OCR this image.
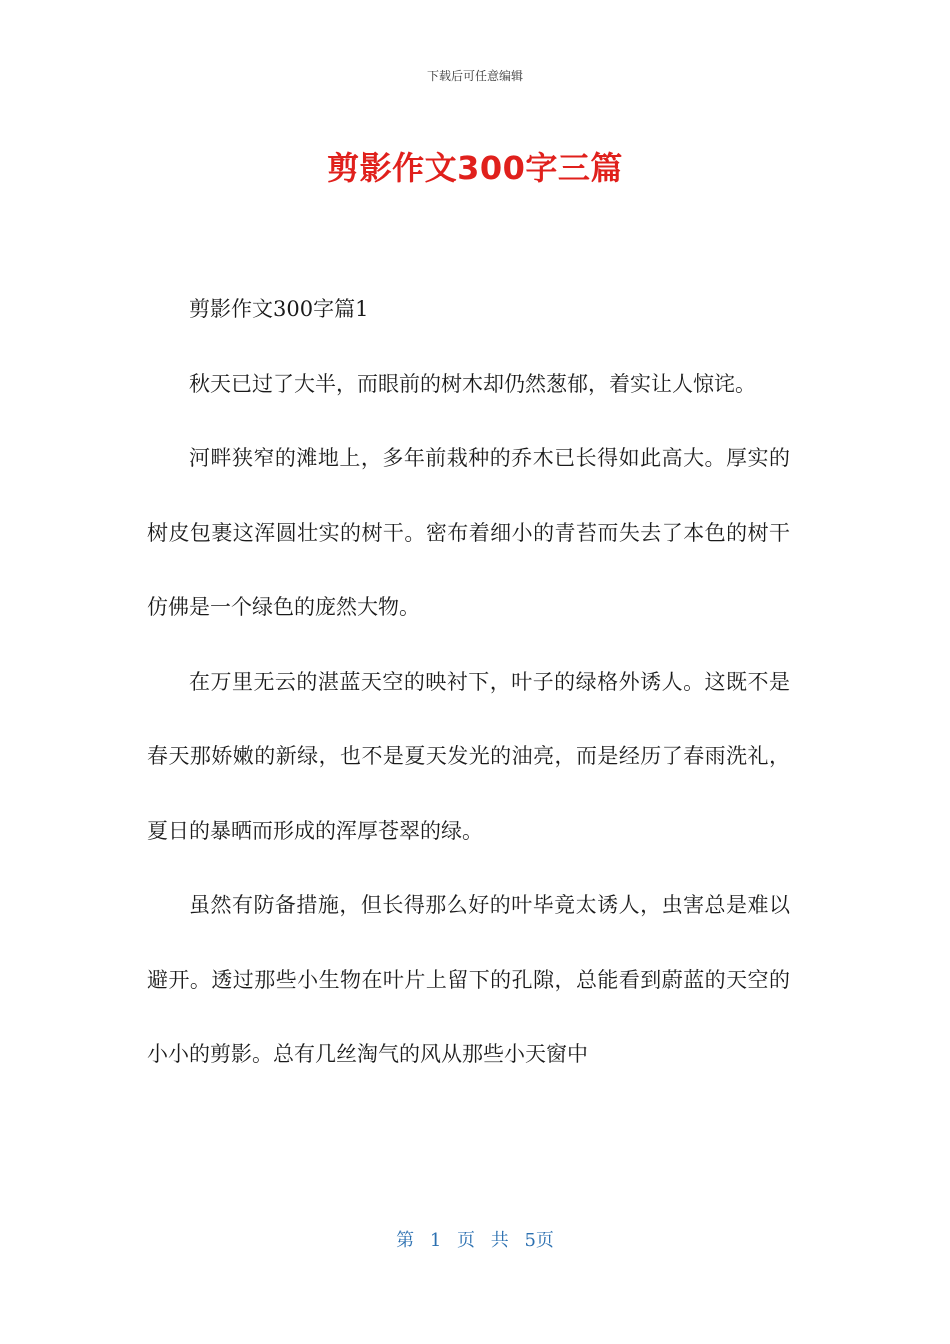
下载后可任意编辑
剪影作文300字三篇

剪影作文300字篇1

秋天已过了大半，而眼前的树木却仍然葱郁，着实让人惊诧。

河畔狭窄的滩地上，多年前栽种的乔木已长得如此高大。厚实的树皮包裹这浑圆壮实的树干。密布着细小的青苔而失去了本色的树干仿佛是一个绿色的庞然大物。

在万里无云的湛蓝天空的映衬下，叶子的绿格外诱人。这既不是春天那娇嫩的新绿，也不是夏天发光的油亮，而是经历了春雨洗礼，夏日的暴晒而形成的浑厚苍翠的绿。

虽然有防备措施，但长得那么好的叶毕竟太诱人，虫害总是难以避开。透过那些小生物在叶片上留下的孔隙，总能看到蔚蓝的天空的小小的剪影。总有几丝淘气的风从那些小天窗中

第 1 页 共 5页
